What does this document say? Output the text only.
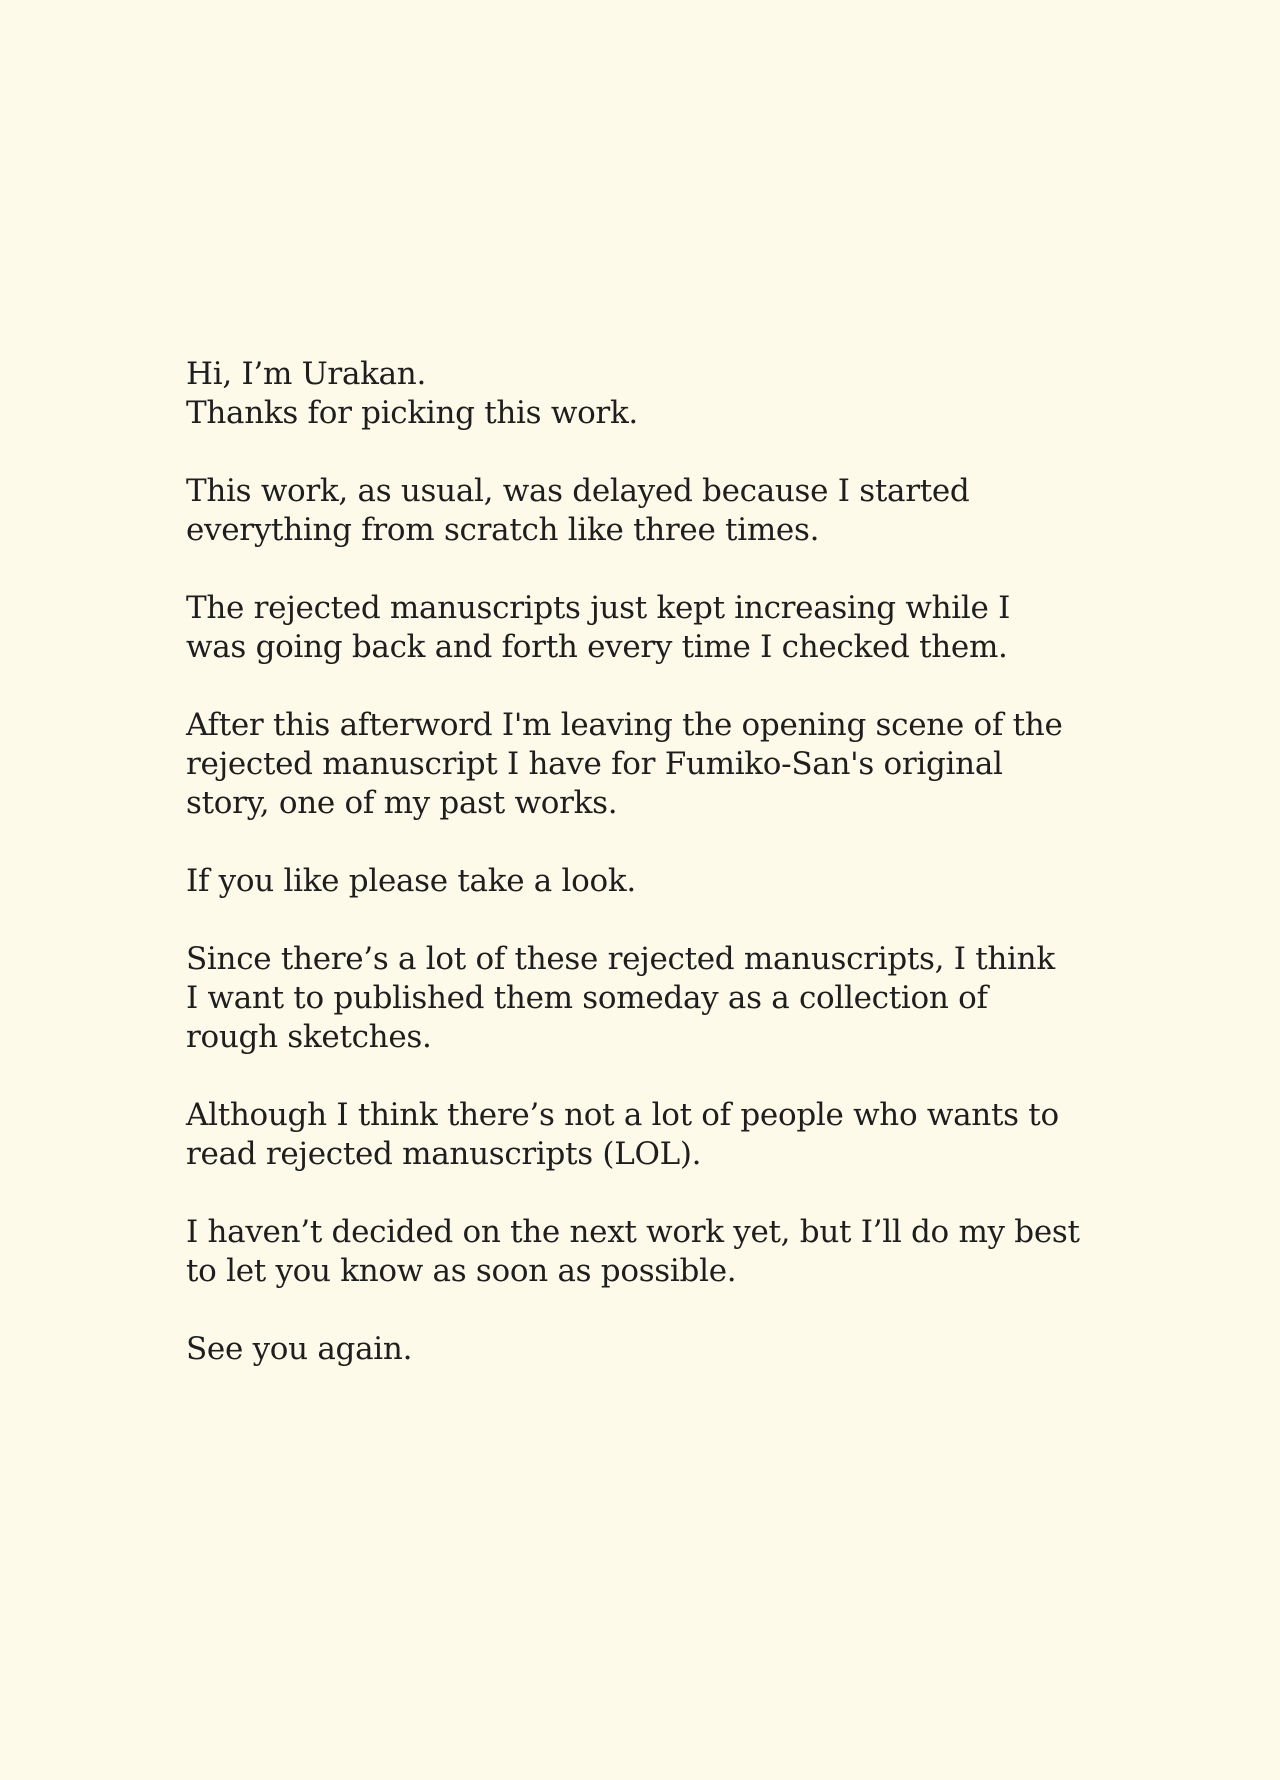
Hi, I’m Urakan.
Thanks for picking this work.

This work, as usual, was delayed because I started
everything from scratch like three times.

The rejected manuscripts just kept increasing while I
was going back and forth every time I checked them.

After this afterword I'm leaving the opening scene of the
rejected manuscript I have for Fumiko-San's original
story, one of my past works.

If you like please take a look.

Since there’s a lot of these rejected manuscripts, I think
I want to published them someday as a collection of
rough sketches.

Although I think there’s not a lot of people who wants to
read rejected manuscripts (LOL).

I haven’t decided on the next work yet, but I’ll do my best
to let you know as soon as possible.

See you again.
